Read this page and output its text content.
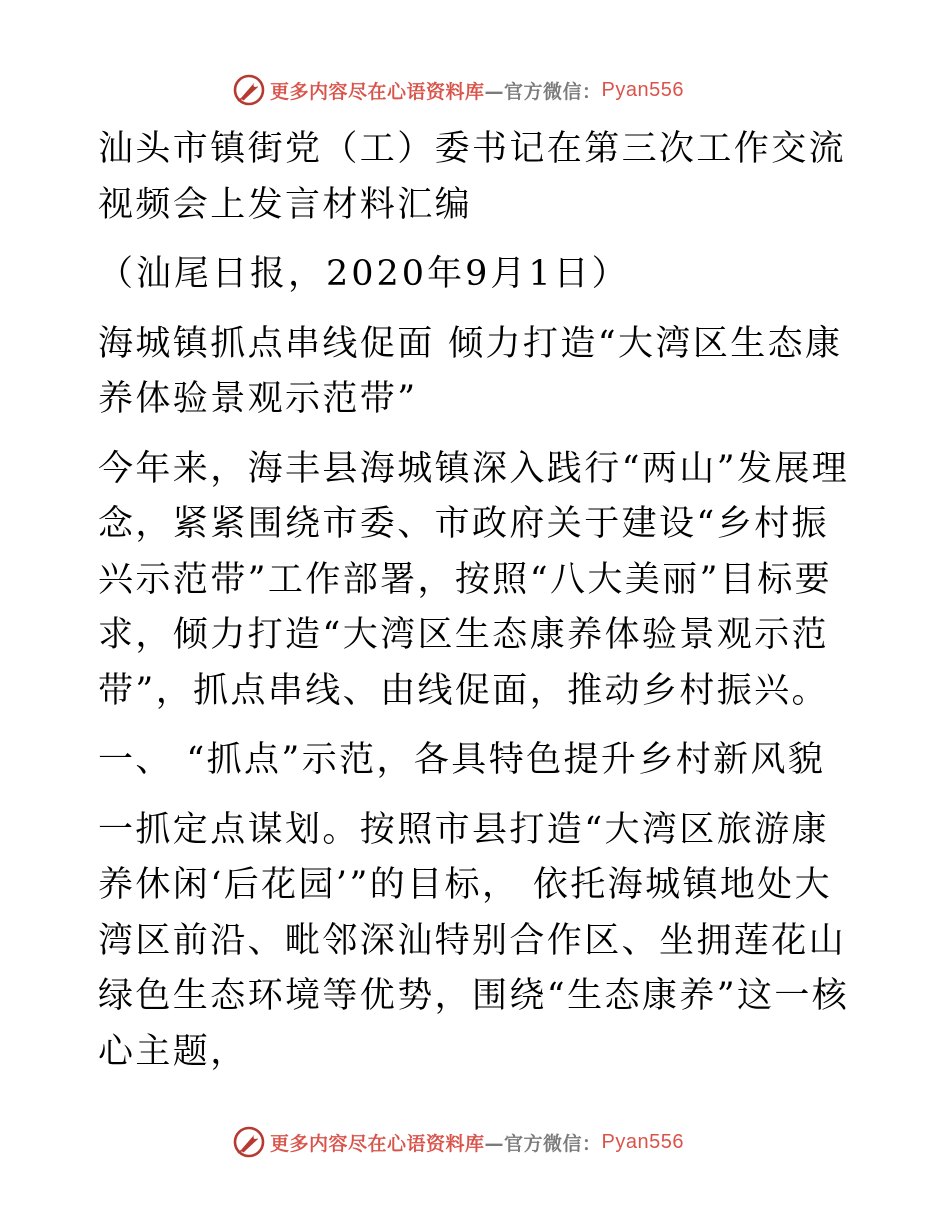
更多内容尽在心语资料库 —官方微信： Pyan556

汕头市镇街党（工）委书记在第三次工作交流视频会上发言材料汇编

（汕尾日报，2020年9月1日）

海城镇抓点串线促面 倾力打造“大湾区生态康养体验景观示范带”

今年来，海丰县海城镇深入践行“两山”发展理念，紧紧围绕市委、市政府关于建设“乡村振兴示范带”工作部署，按照“八大美丽”目标要求，倾力打造“大湾区生态康养体验景观示范带”，抓点串线、由线促面，推动乡村振兴。

一、 “抓点”示范，各具特色提升乡村新风貌

一抓定点谋划。按照市县打造“大湾区旅游康养休闲‘后花园’”的目标， 依托海城镇地处大湾区前沿、毗邻深汕特别合作区、坐拥莲花山绿色生态环境等优势，围绕“生态康养”这一核心主题，

更多内容尽在心语资料库 —官方微信： Pyan556
